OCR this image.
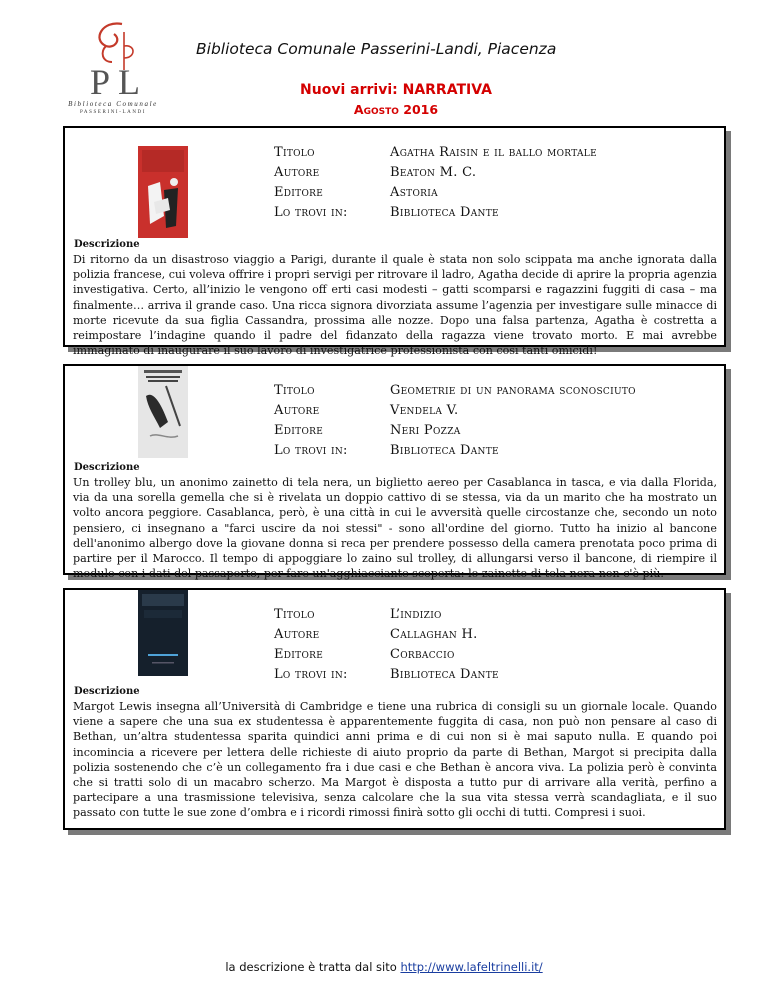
P L
Biblioteca Comunale
PASSERINI-LANDI
Biblioteca Comunale Passerini-Landi, Piacenza
Nuovi arrivi: NARRATIVA
Agosto 2016
Titolo	Agatha Raisin e il ballo mortale
Autore	Beaton M. C.
Editore	Astoria
Lo trovi in:	Biblioteca Dante
Descrizione
Di ritorno da un disastroso viaggio a Parigi, durante il quale è stata non solo scippata ma anche ignorata dalla polizia francese, cui voleva offrire i propri servigi per ritrovare il ladro, Agatha decide di aprire la propria agenzia investigativa. Certo, all’inizio le vengono off erti casi modesti – gatti scomparsi e ragazzini fuggiti di casa – ma finalmente… arriva il grande caso. Una ricca signora divorziata assume l’agenzia per investigare sulle minacce di morte ricevute da sua figlia Cassandra, prossima alle nozze. Dopo una falsa partenza, Agatha è costretta a reimpostare l’indagine quando il padre del fidanzato della ragazza viene trovato morto. E mai avrebbe immaginato di inaugurare il suo lavoro di investigatrice professionista con così tanti omicidi!
Titolo	Geometrie di un panorama sconosciuto
Autore	Vendela V.
Editore	Neri Pozza
Lo trovi in:	Biblioteca Dante
Descrizione
Un trolley blu, un anonimo zainetto di tela nera, un biglietto aereo per Casablanca in tasca, e via dalla Florida, via da una sorella gemella che si è rivelata un doppio cattivo di se stessa, via da un marito che ha mostrato un volto ancora peggiore. Casablanca, però, è una città in cui le avversità quelle circostanze che, secondo un noto pensiero, ci insegnano a "farci uscire da noi stessi" - sono all'ordine del giorno. Tutto ha inizio al bancone dell'anonimo albergo dove la giovane donna si reca per prendere possesso della camera prenotata poco prima di partire per il Marocco. Il tempo di appoggiare lo zaino sul trolley, di allungarsi verso il bancone, di riempire il modulo con i dati del passaporto, per fare un'agghiacciante scoperta: lo zainetto di tela nera non c'è più.
Titolo	L’indizio
Autore	Callaghan H.
Editore	Corbaccio
Lo trovi in:	Biblioteca Dante
Descrizione
Margot Lewis insegna all’Università di Cambridge e tiene una rubrica di consigli su un giornale locale. Quando viene a sapere che una sua ex studentessa è apparentemente fuggita di casa, non può non pensare al caso di Bethan, un’altra studentessa sparita quindici anni prima e di cui non si è mai saputo nulla. E quando poi incomincia a ricevere per lettera delle richieste di aiuto proprio da parte di Bethan, Margot si precipita dalla polizia sostenendo che c’è un collegamento fra i due casi e che Bethan è ancora viva. La polizia però è convinta che si tratti solo di un macabro scherzo. Ma Margot è disposta a tutto pur di arrivare alla verità, perfino a partecipare a una trasmissione televisiva, senza calcolare che la sua vita stessa verrà scandagliata, e il suo passato con tutte le sue zone d’ombra e i ricordi rimossi finirà sotto gli occhi di tutti. Compresi i suoi.
la descrizione è tratta dal sito http://www.lafeltrinelli.it/
